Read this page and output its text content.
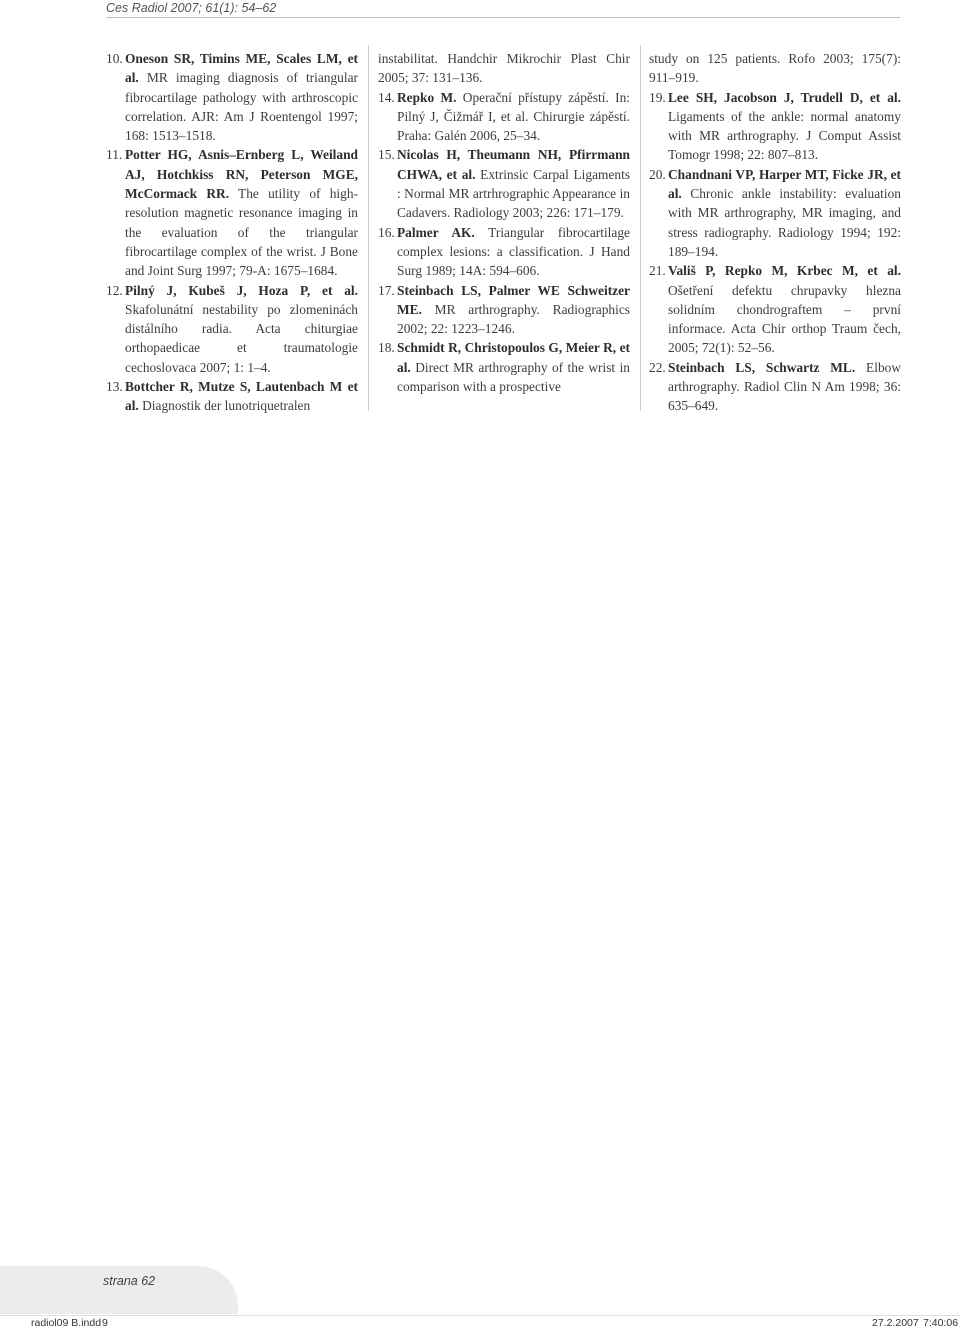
Ces Radiol 2007; 61(1): 54–62
10. Oneson SR, Timins ME, Scales LM, et al. MR imaging diagnosis of triangular fibrocartilage pathology with arthroscopic correlation. AJR: Am J Roentengol 1997; 168: 1513–1518.
11. Potter HG, Asnis–Ernberg L, Weiland AJ, Hotchkiss RN, Peterson MGE, McCormack RR. The utility of high-resolution magnetic resonance imaging in the evaluation of the triangular fibrocartilage complex of the wrist. J Bone and Joint Surg 1997; 79-A: 1675–1684.
12. Pilný J, Kubeš J, Hoza P, et al. Skafolunátní nestability po zlomeninách distálního radia. Acta chiturgiae orthopaedicae et traumatologie cechoslovaca 2007; 1: 1–4.
13. Bottcher R, Mutze S, Lautenbach M et al. Diagnostik der lunotriquetralen
instabilitat. Handchir Mikrochir Plast Chir 2005; 37: 131–136.
14. Repko M. Operační přístupy zápěstí. In: Pilný J, Čižmář I, et al. Chirurgie zápěstí. Praha: Galén 2006, 25–34.
15. Nicolas H, Theumann NH, Pfirrmann CHWA, et al. Extrinsic Carpal Ligaments : Normal MR artrhrographic Appearance in Cadavers. Radiology 2003; 226: 171–179.
16. Palmer AK. Triangular fibrocartilage complex lesions: a classification. J Hand Surg 1989; 14A: 594–606.
17. Steinbach LS, Palmer WE Schweitzer ME. MR arthrography. Radiographics 2002; 22: 1223–1246.
18. Schmidt R, Christopoulos G, Meier R, et al. Direct MR arthrography of the wrist in comparison with a prospective
study on 125 patients. Rofo 2003; 175(7): 911–919.
19. Lee SH, Jacobson J, Trudell D, et al. Ligaments of the ankle: normal anatomy with MR arthrography. J Comput Assist Tomogr 1998; 22: 807–813.
20. Chandnani VP, Harper MT, Ficke JR, et al. Chronic ankle instability: evaluation with MR arthrography, MR imaging, and stress radiography. Radiology 1994; 192: 189–194.
21. Vališ P, Repko M, Krbec M, et al. Ošetření defektu chrupavky hlezna solidním chondrograftem – první informace. Acta Chir orthop Traum čech, 2005; 72(1): 52–56.
22. Steinbach LS, Schwartz ML. Elbow arthrography. Radiol Clin N Am 1998; 36: 635–649.
strana 62
radiol09 B.indd 9	27.2.2007 7:40:06
